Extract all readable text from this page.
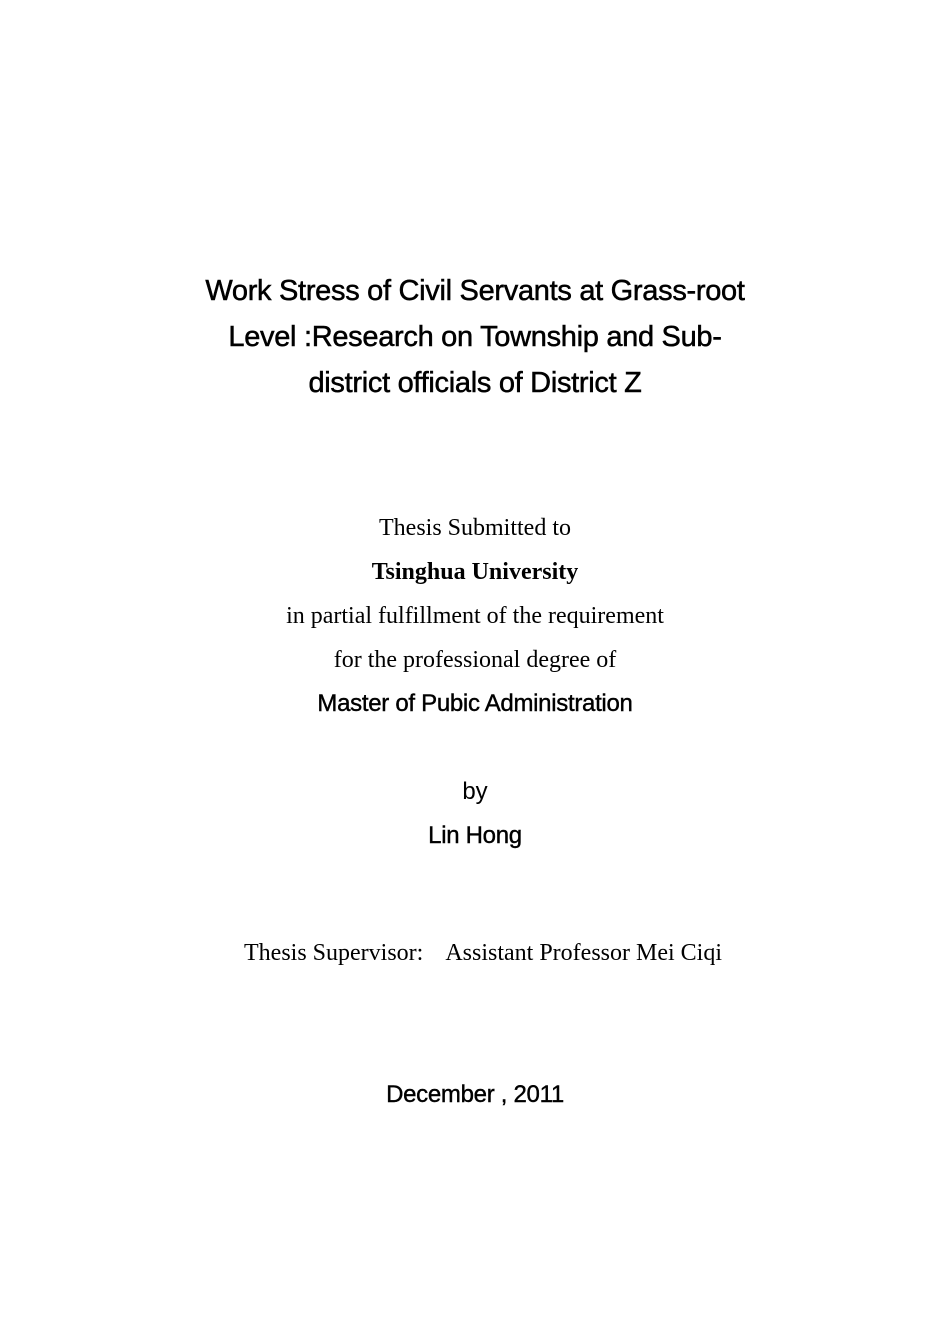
Work Stress of Civil Servants at Grass-root
Level :Research on Township and Sub-
district officials of District Z
Thesis Submitted to
Tsinghua University
in partial fulfillment of the requirement
for the professional degree of
Master of Pubic Administration
by
Lin Hong
Thesis Supervisor: Assistant Professor Mei Ciqi
December , 2011
